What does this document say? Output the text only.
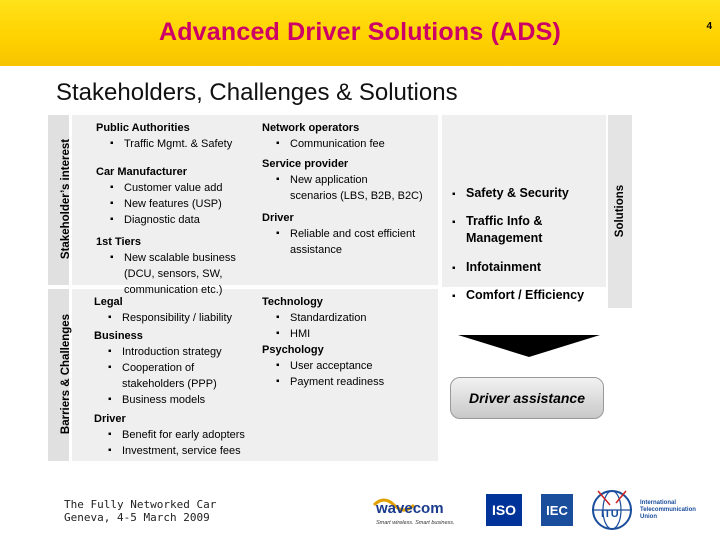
Advanced Driver Solutions (ADS)	4
Stakeholders, Challenges & Solutions
Stakeholder’s interest
Barriers & Challenges
Solutions
Public Authorities
▪ Traffic Mgmt. & Safety
Car Manufacturer
▪ Customer value add
▪ New features (USP)
▪ Diagnostic data
1st Tiers
▪ New scalable business
(DCU, sensors, SW,
communication etc.)
Network operators
▪ Communication fee
Service provider
▪ New application
scenarios (LBS, B2B, B2C)
Driver
▪ Reliable and cost efficient
assistance
Legal
▪ Responsibility / liability
Business
▪ Introduction strategy
▪ Cooperation of
stakeholders (PPP)
▪ Business models
Driver
▪ Benefit for early adopters
▪ Investment, service fees
Technology
▪ Standardization
▪ HMI
Psychology
▪ User acceptance
▪ Payment readiness
▪ Safety & Security
▪ Traffic Info &
Management
▪ Infotainment
▪ Comfort / Efficiency
Driver assistance
The Fully Networked Car
Geneva, 4-5 March 2009
wavecom
Smart wireless. Smart business.
ISO	IEC	ITU
International
Telecommunication
Union
